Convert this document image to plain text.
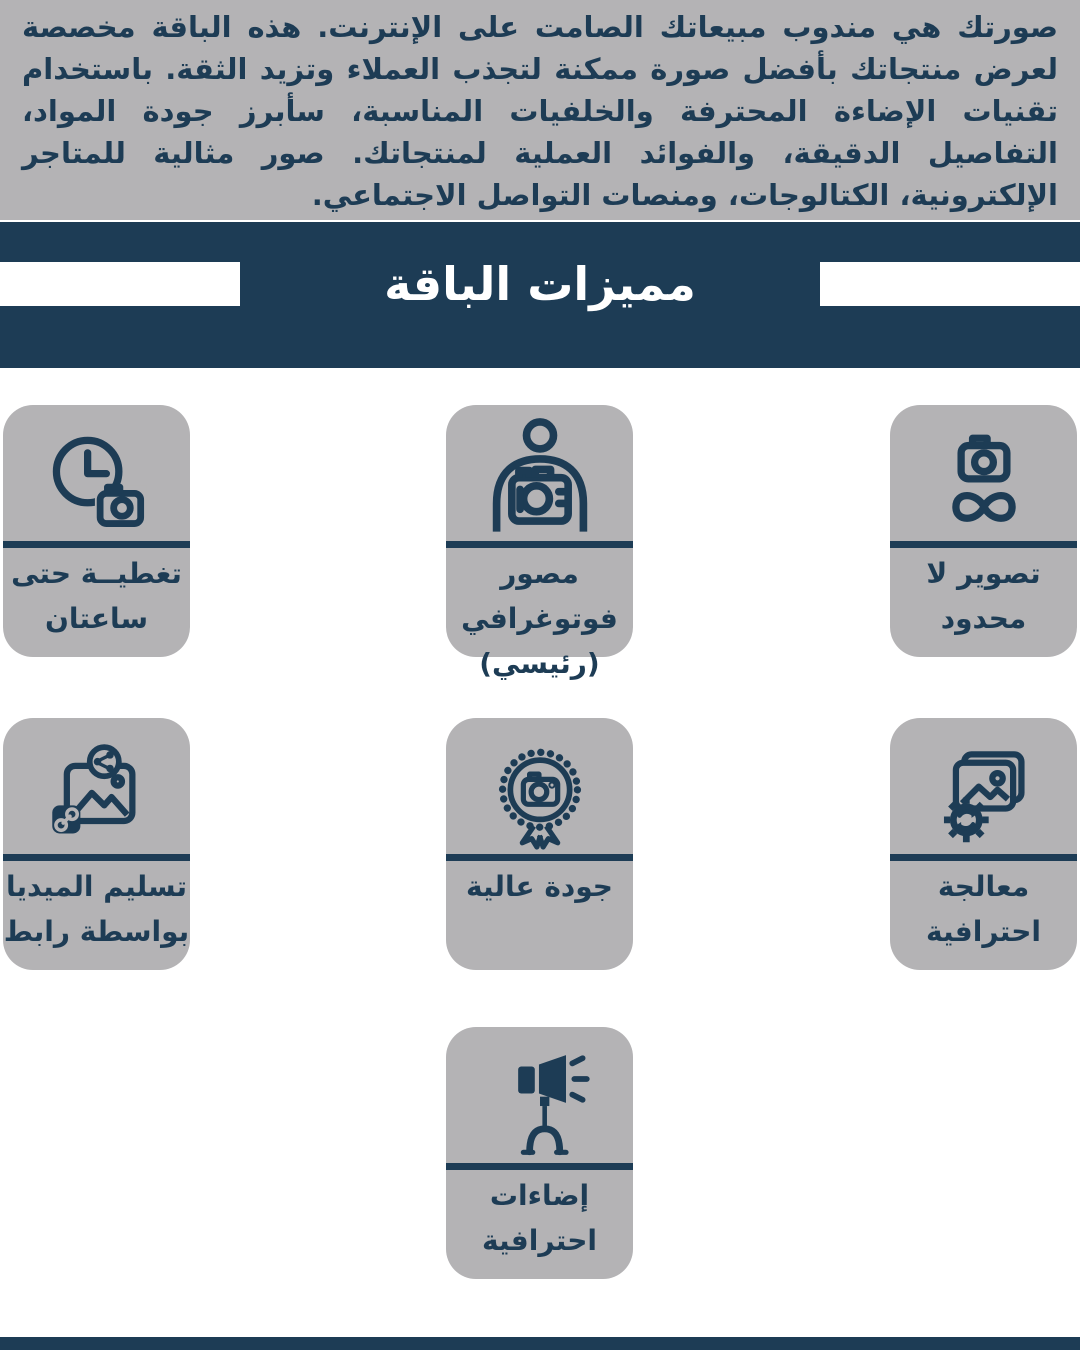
صورتك هي مندوب مبيعاتك الصامت على الإنترنت. هذه الباقة مخصصة لعرض منتجاتك بأفضل صورة ممكنة لتجذب العملاء وتزيد الثقة. باستخدام تقنيات الإضاءة المحترفة والخلفيات المناسبة، سأبرز جودة المواد، التفاصيل الدقيقة، والفوائد العملية لمنتجاتك. صور مثالية للمتاجر الإلكترونية، الكتالوجات، ومنصات التواصل الاجتماعي.

مميزات الباقة
تصوير لا محدود
مصور فوتوغرافي
(رئيسي)
تغطيــة حتى
ساعتان
معالجة احترافية
جودة عالية
تسليم الميديا
بواسطة رابط
إضاءات
احترافية
